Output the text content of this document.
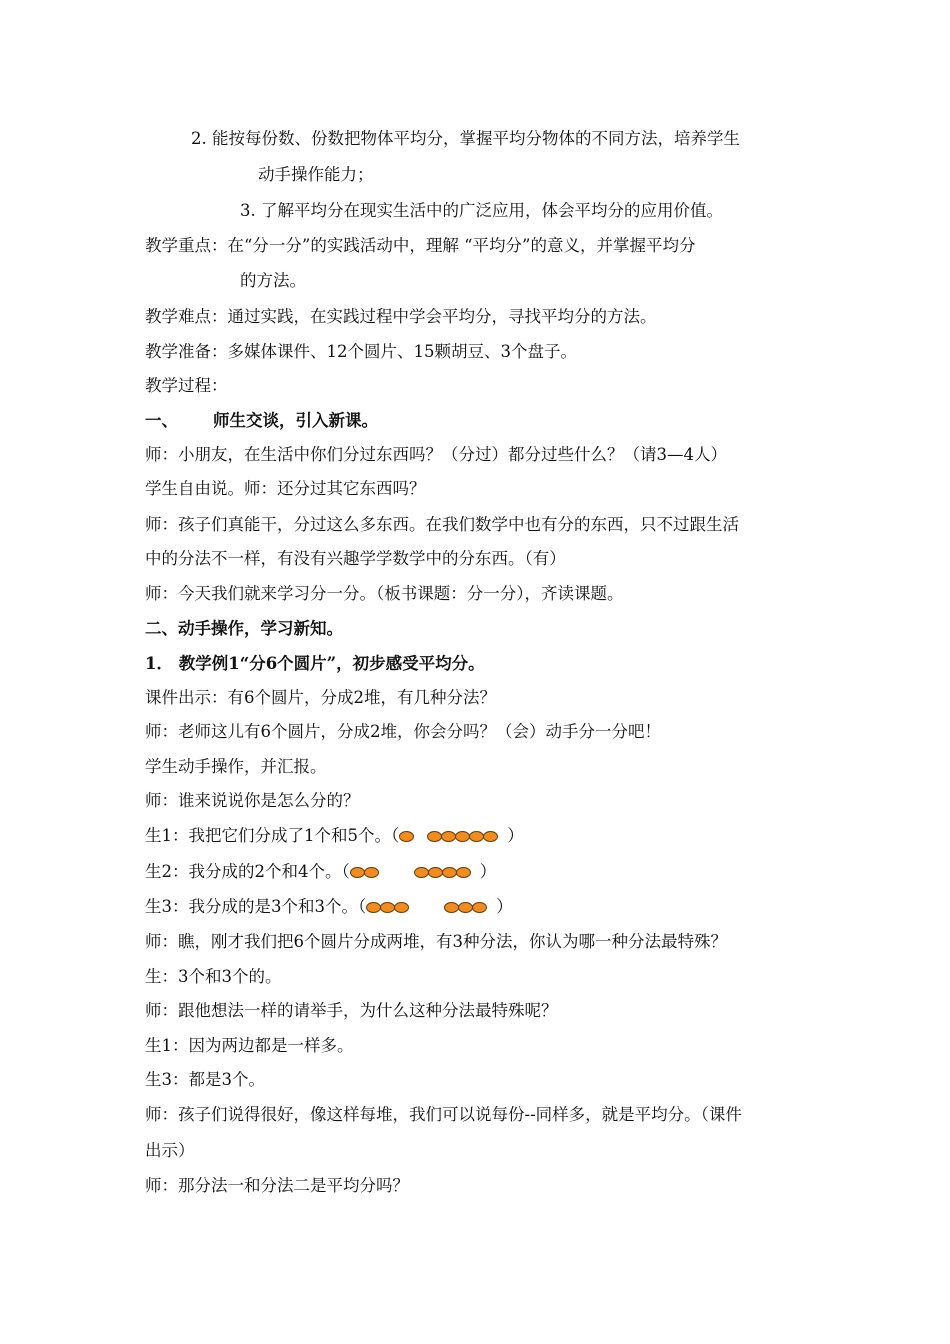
2. 能按每份数、份数把物体平均分，掌握平均分物体的不同方法，培养学生
动手操作能力；
3. 了解平均分在现实生活中的广泛应用，体会平均分的应用价值。
教学重点：在“分一分”的实践活动中，理解 “平均分”的意义，并掌握平均分
的方法。
教学难点：通过实践，在实践过程中学会平均分，寻找平均分的方法。
教学准备：多媒体课件、12个圆片、15颗胡豆、3个盘子。
教学过程：
一、 师生交谈，引入新课。
师：小朋友，在生活中你们分过东西吗？（分过）都分过些什么？（请3—4人）
学生自由说。师：还分过其它东西吗？
师：孩子们真能干，分过这么多东西。在我们数学中也有分的东西，只不过跟生活
中的分法不一样，有没有兴趣学学数学中的分东西。（有）
师：今天我们就来学习分一分。（板书课题：分一分），齐读课题。
二、动手操作，学习新知。
1． 教学例1“分6个圆片”，初步感受平均分。
课件出示：有6个圆片，分成2堆，有几种分法？
师：老师这儿有6个圆片，分成2堆，你会分吗？（会）动手分一分吧！
学生动手操作，并汇报。
师：谁来说说你是怎么分的？
生1：我把它们分成了1个和5个。（	）
生2：我分成的2个和4个。（	）
生3：我分成的是3个和3个。（	）
师：瞧，刚才我们把6个圆片分成两堆，有3种分法，你认为哪一种分法最特殊？
生：3个和3个的。
师：跟他想法一样的请举手，为什么这种分法最特殊呢？
生1：因为两边都是一样多。
生3：都是3个。
师：孩子们说得很好，像这样每堆，我们可以说每份--同样多，就是平均分。（课件
出示）
师：那分法一和分法二是平均分吗？
